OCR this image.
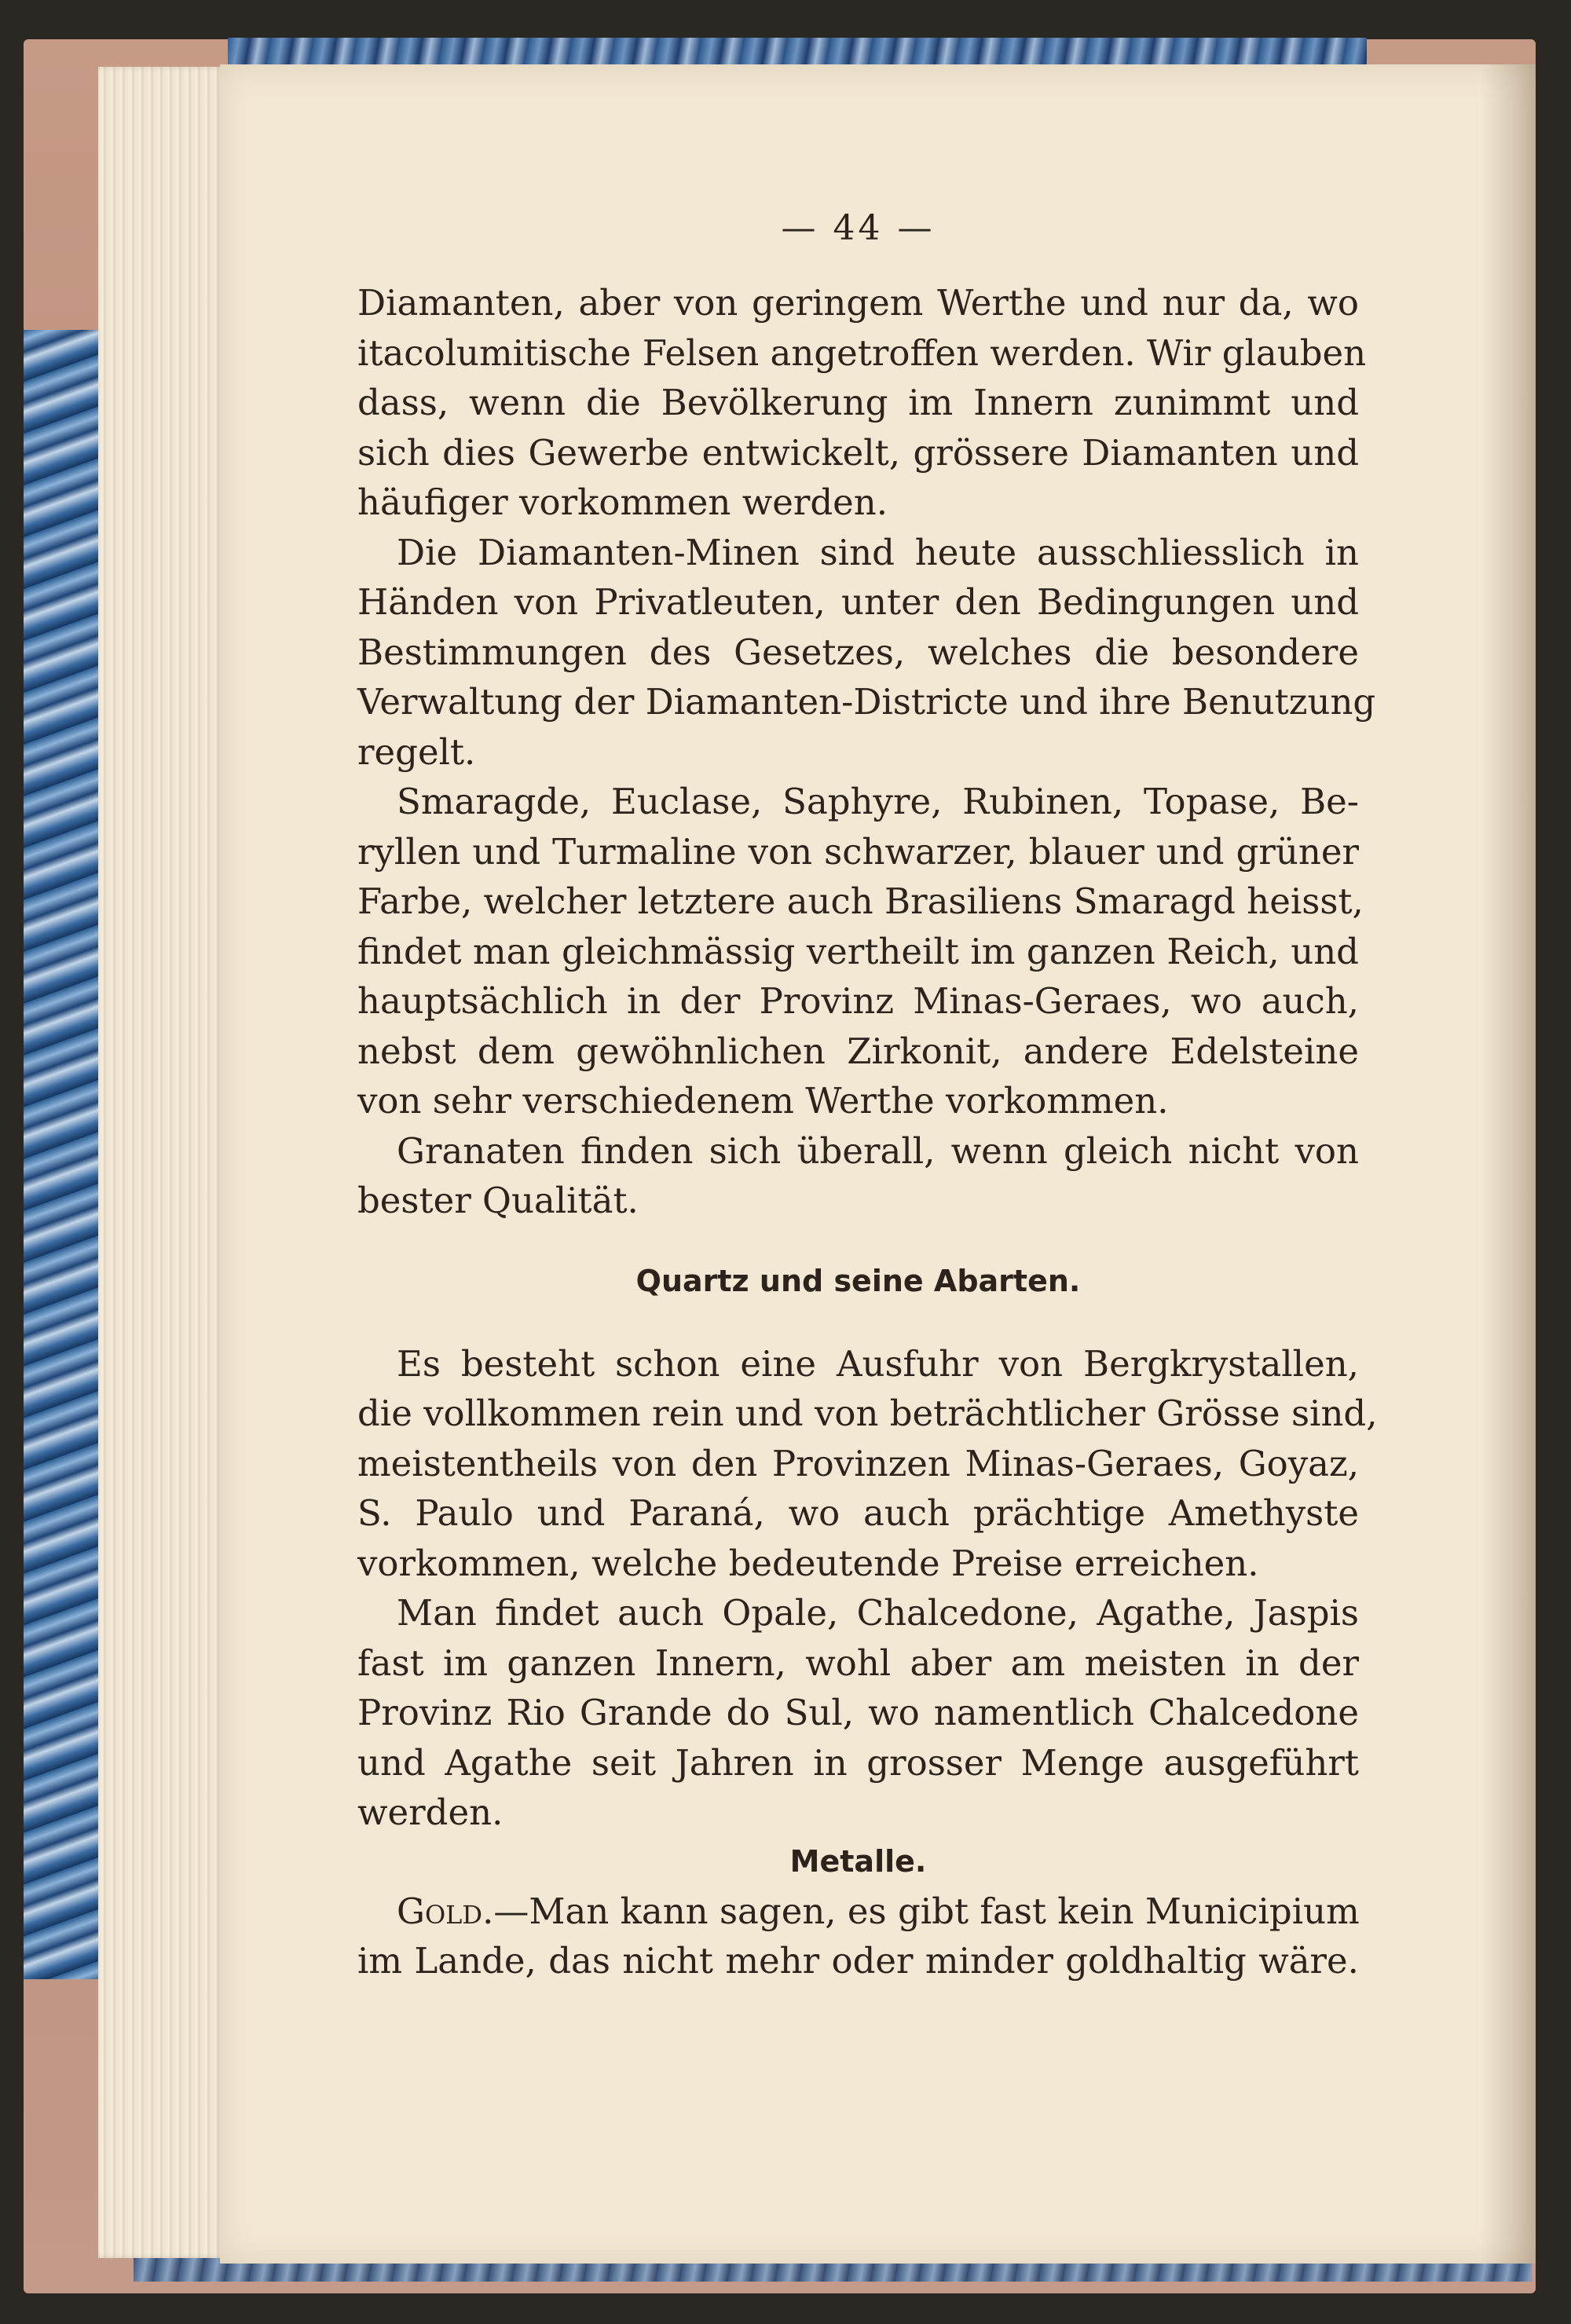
— 44 —

Diamanten, aber von geringem Werthe und nur da, wo

itacolumitische Felsen angetroffen werden. Wir glauben

dass, wenn die Bevölkerung im Innern zunimmt und

sich dies Gewerbe entwickelt, grössere Diamanten und

häufiger vorkommen werden.

Die Diamanten-Minen sind heute ausschliesslich in

Händen von Privatleuten, unter den Bedingungen und

Bestimmungen des Gesetzes, welches die besondere

Verwaltung der Diamanten-Districte und ihre Benutzung

regelt.

Smaragde, Euclase, Saphyre, Rubinen, Topase, Be-

ryllen und Turmaline von schwarzer, blauer und grüner

Farbe, welcher letztere auch Brasiliens Smaragd heisst,

findet man gleichmässig vertheilt im ganzen Reich, und

hauptsächlich in der Provinz Minas-Geraes, wo auch,

nebst dem gewöhnlichen Zirkonit, andere Edelsteine

von sehr verschiedenem Werthe vorkommen.

Granaten finden sich überall, wenn gleich nicht von

bester Qualität.

Quartz und seine Abarten.

Es besteht schon eine Ausfuhr von Bergkrystallen,

die vollkommen rein und von beträchtlicher Grösse sind,

meistentheils von den Provinzen Minas-Geraes, Goyaz,

S. Paulo und Paraná, wo auch prächtige Amethyste

vorkommen, welche bedeutende Preise erreichen.

Man findet auch Opale, Chalcedone, Agathe, Jaspis

fast im ganzen Innern, wohl aber am meisten in der

Provinz Rio Grande do Sul, wo namentlich Chalcedone

und Agathe seit Jahren in grosser Menge ausgeführt

werden.

Metalle.

Gold.—Man kann sagen, es gibt fast kein Municipium

im Lande, das nicht mehr oder minder goldhaltig wäre.
